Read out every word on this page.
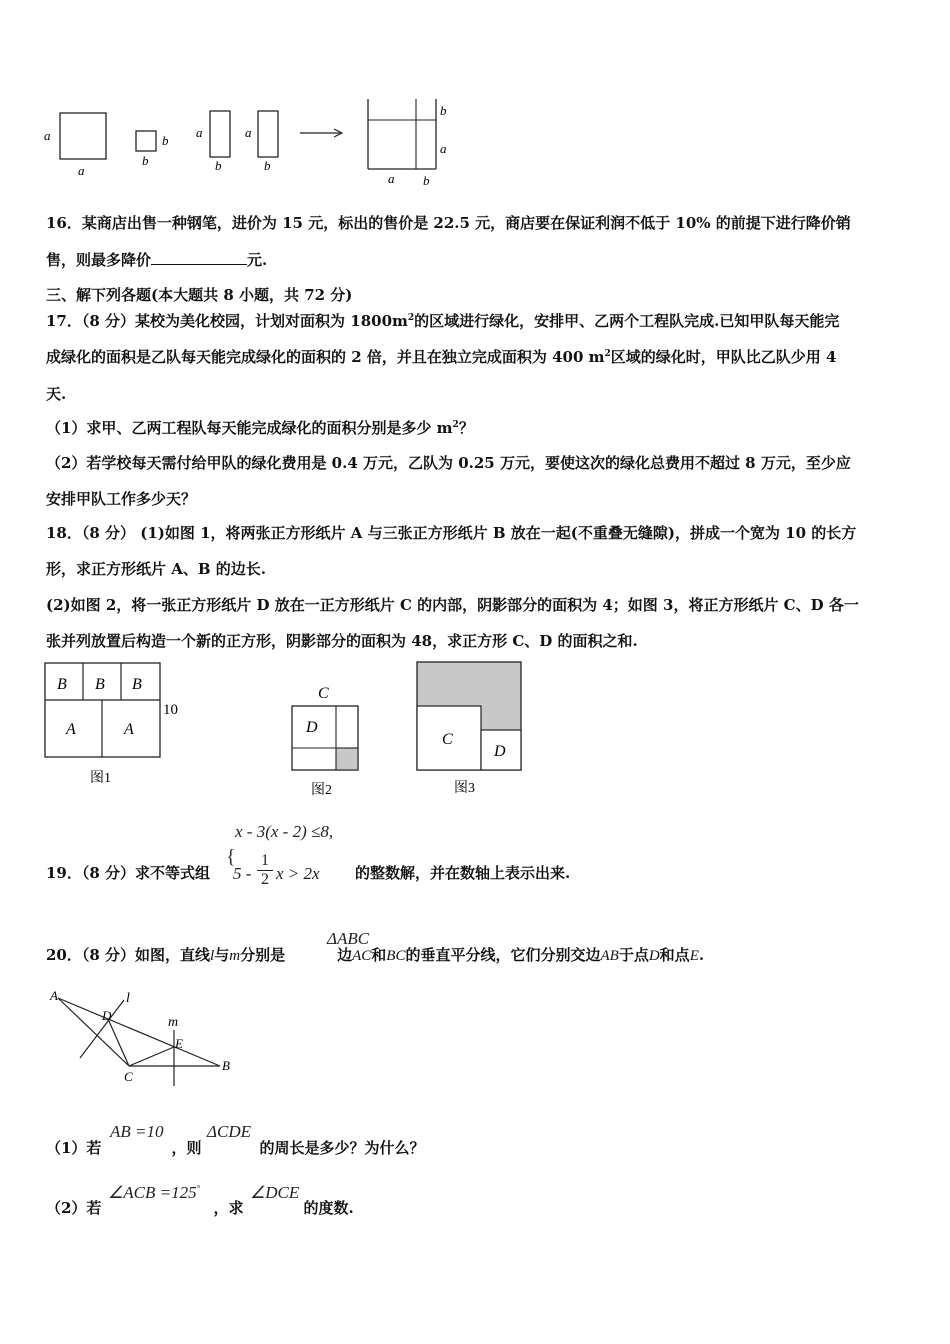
a
a
b
b
a
b
a
b
b
a
a b
16．某商店出售一种钢笔，进价为 15 元，标出的售价是 22.5 元，商店要在保证利润不低于 10% 的前提下进行降价销
售，则最多降价	元.
三、解下列各题(本大题共 8 小题，共 72 分)
17．（8 分）某校为美化校园，计划对面积为 $1800m^2$的区域进行绿化，安排甲、乙两个工程队完成.已知甲队每天能完
成绿化的面积是乙队每天能完成绿化的面积的 2 倍，并且在独立完成面积为 400 $m^2$区域的绿化时，甲队比乙队少用 4
天.
（1）求甲、乙两工程队每天能完成绿化的面积分别是多少 $m^2$？
（2）若学校每天需付给甲队的绿化费用是 0.4 万元，乙队为 0.25 万元，要使这次的绿化总费用不超过 8 万元，至少应
安排甲队工作多少天？
18．（8 分） (1)如图 1，将两张正方形纸片 A 与三张正方形纸片 B 放在一起(不重叠无缝隙)，拼成一个宽为 10 的长方
形，求正方形纸片 A、B 的边长.
(2)如图 2，将一张正方形纸片 D 放在一正方形纸片 C 的内部，阴影部分的面积为 4；如图 3，将正方形纸片 C、D 各一
张并列放置后构造一个新的正方形，阴影部分的面积为 48，求正方形 C、D 的面积之和.
B B B
A	A
10
图1
C
D
图2
C
D
图3
x - 3(x - 2) ≤8,
{
$5 - \frac{1}{2}$ x > 2x
19．（8 分）求不等式组	的整数解，并在数轴上表示出来.
ΔABC
20．（8 分）如图，直线l与m分别是	边AC和BC的垂直平分线，它们分别交边AB于点D和点E.
A	l
D	m
E
C
B
AB =10	ΔCDE
（1）若	，则	的周长是多少？为什么？
∠ACB =125°	∠DCE
（2）若	，求	的度数.
